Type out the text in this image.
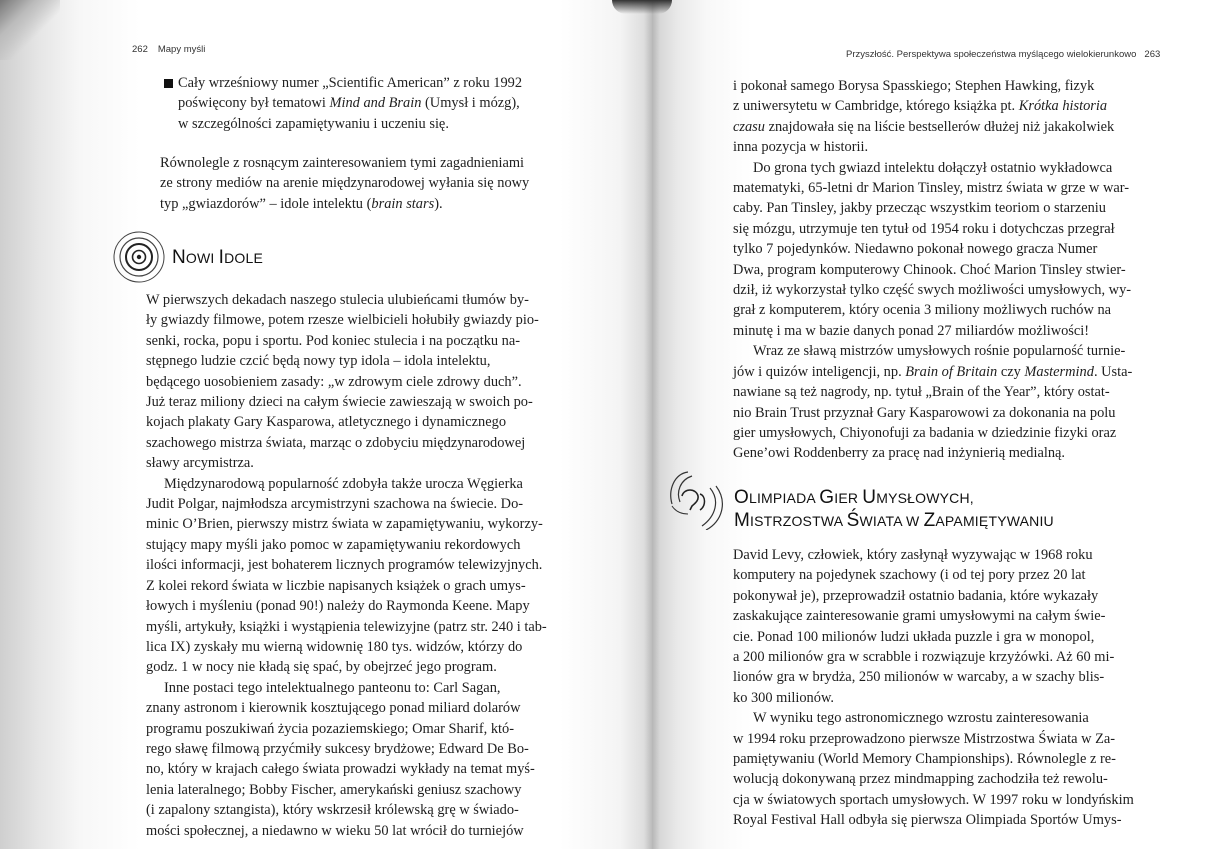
262 Mapy myśli
Cały wrześniowy numer „Scientific American” z roku 1992
poświęcony był tematowi Mind and Brain (Umysł i mózg),
w szczególności zapamiętywaniu i uczeniu się.
Równolegle z rosnącym zainteresowaniem tymi zagadnieniami
ze strony mediów na arenie międzynarodowej wyłania się nowy
typ „gwiazdorów” – idole intelektu (brain stars).
NOWI IDOLE
W pierwszych dekadach naszego stulecia ulubieńcami tłumów by-
ły gwiazdy filmowe, potem rzesze wielbicieli hołubiły gwiazdy pio-
senki, rocka, popu i sportu. Pod koniec stulecia i na początku na-
stępnego ludzie czcić będą nowy typ idola – idola intelektu,
będącego uosobieniem zasady: „w zdrowym ciele zdrowy duch”.
Już teraz miliony dzieci na całym świecie zawieszają w swoich po-
kojach plakaty Gary Kasparowa, atletycznego i dynamicznego
szachowego mistrza świata, marząc o zdobyciu międzynarodowej
sławy arcymistrza.
Międzynarodową popularność zdobyła także urocza Węgierka
Judit Polgar, najmłodsza arcymistrzyni szachowa na świecie. Do-
minic O’Brien, pierwszy mistrz świata w zapamiętywaniu, wykorzy-
stujący mapy myśli jako pomoc w zapamiętywaniu rekordowych
ilości informacji, jest bohaterem licznych programów telewizyjnych.
Z kolei rekord świata w liczbie napisanych książek o grach umys-
łowych i myśleniu (ponad 90!) należy do Raymonda Keene. Mapy
myśli, artykuły, książki i wystąpienia telewizyjne (patrz str. 240 i tab-
lica IX) zyskały mu wierną widownię 180 tys. widzów, którzy do
godz. 1 w nocy nie kładą się spać, by obejrzeć jego program.
Inne postaci tego intelektualnego panteonu to: Carl Sagan,
znany astronom i kierownik kosztującego ponad miliard dolarów
programu poszukiwań życia pozaziemskiego; Omar Sharif, któ-
rego sławę filmową przyćmiły sukcesy brydżowe; Edward De Bo-
no, który w krajach całego świata prowadzi wykłady na temat myś-
lenia lateralnego; Bobby Fischer, amerykański geniusz szachowy
(i zapalony sztangista), który wskrzesił królewską grę w świado-
mości społecznej, a niedawno w wieku 50 lat wrócił do turniejów
Przyszłość. Perspektywa społeczeństwa myślącego wielokierunkowo 263
i pokonał samego Borysa Spasskiego; Stephen Hawking, fizyk
z uniwersytetu w Cambridge, którego książka pt. Krótka historia
czasu znajdowała się na liście bestsellerów dłużej niż jakakolwiek
inna pozycja w historii.
Do grona tych gwiazd intelektu dołączył ostatnio wykładowca
matematyki, 65-letni dr Marion Tinsley, mistrz świata w grze w war-
caby. Pan Tinsley, jakby przecząc wszystkim teoriom o starzeniu
się mózgu, utrzymuje ten tytuł od 1954 roku i dotychczas przegrał
tylko 7 pojedynków. Niedawno pokonał nowego gracza Numer
Dwa, program komputerowy Chinook. Choć Marion Tinsley stwier-
dził, iż wykorzystał tylko część swych możliwości umysłowych, wy-
grał z komputerem, który ocenia 3 miliony możliwych ruchów na
minutę i ma w bazie danych ponad 27 miliardów możliwości!
Wraz ze sławą mistrzów umysłowych rośnie popularność turnie-
jów i quizów inteligencji, np. Brain of Britain czy Mastermind. Usta-
nawiane są też nagrody, np. tytuł „Brain of the Year”, który ostat-
nio Brain Trust przyznał Gary Kasparowowi za dokonania na polu
gier umysłowych, Chiyonofuji za badania w dziedzinie fizyki oraz
Gene’owi Roddenberry za pracę nad inżynierią medialną.
OLIMPIADA GIER UMYSŁOWYCH,
MISTRZOSTWA ŚWIATA W ZAPAMIĘTYWANIU
David Levy, człowiek, który zasłynął wyzywając w 1968 roku
komputery na pojedynek szachowy (i od tej pory przez 20 lat
pokonywał je), przeprowadził ostatnio badania, które wykazały
zaskakujące zainteresowanie grami umysłowymi na całym świe-
cie. Ponad 100 milionów ludzi układa puzzle i gra w monopol,
a 200 milionów gra w scrabble i rozwiązuje krzyżówki. Aż 60 mi-
lionów gra w brydża, 250 milionów w warcaby, a w szachy blis-
ko 300 milionów.
W wyniku tego astronomicznego wzrostu zainteresowania
w 1994 roku przeprowadzono pierwsze Mistrzostwa Świata w Za-
pamiętywaniu (World Memory Championships). Równolegle z re-
wolucją dokonywaną przez mindmapping zachodziła też rewolu-
cja w światowych sportach umysłowych. W 1997 roku w londyńskim
Royal Festival Hall odbyła się pierwsza Olimpiada Sportów Umys-
